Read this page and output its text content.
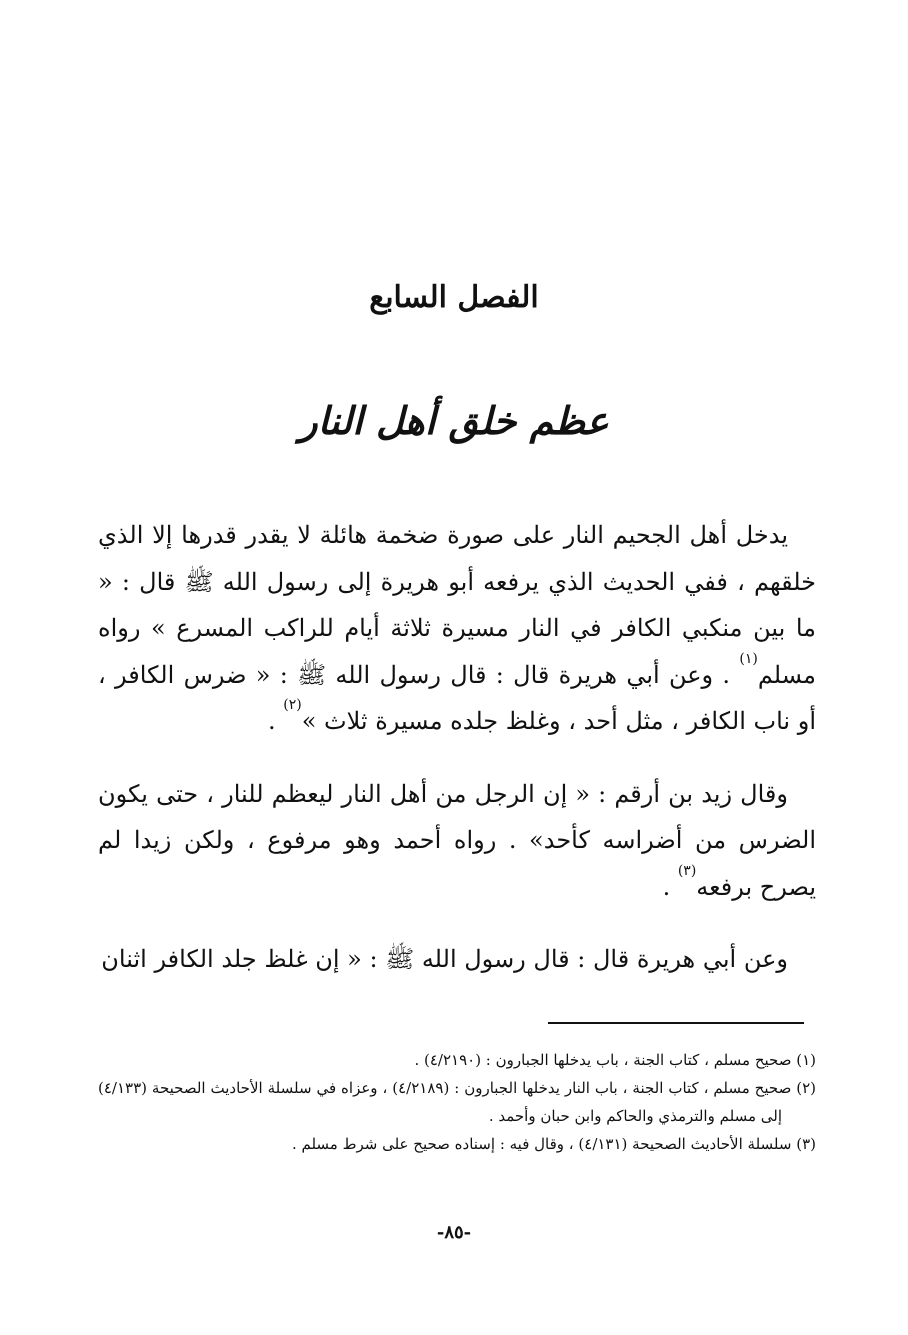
الفصل السابع
عظم خلق أهل النار

يدخل أهل الجحيم النار على صورة ضخمة هائلة لا يقدر قدرها إلا الذي خلقهم ، ففي الحديث الذي يرفعه أبو هريرة إلى رسول الله ﷺ قال : « ما بين منكبي الكافر في النار مسيرة ثلاثة أيام للراكب المسرع » رواه مسلم$^{(١)}$ . وعن أبي هريرة قال : قال رسول الله ﷺ : « ضرس الكافر ، أو ناب الكافر ، مثل أحد ، وغلظ جلده مسيرة ثلاث »$^{(٢)}$ .

وقال زيد بن أرقم : « إن الرجل من أهل النار ليعظم للنار ، حتى يكون الضرس من أضراسه كأحد» . رواه أحمد وهو مرفوع ، ولكن زيدا لم يصرح برفعه$^{(٣)}$ .

وعن أبي هريرة قال : قال رسول الله ﷺ : « إن غلظ جلد الكافر اثنان

(١) صحيح مسلم ، كتاب الجنة ، باب يدخلها الجبارون : (٤/٢١٩٠) .

(٢) صحيح مسلم ، كتاب الجنة ، باب النار يدخلها الجبارون : (٤/٢١٨٩) ، وعزاه في سلسلة الأحاديث الصحيحة (٤/١٣٣) إلى مسلم والترمذي والحاكم وابن حبان وأحمد .

(٣) سلسلة الأحاديث الصحيحة (٤/١٣١) ، وقال فيه : إسناده صحيح على شرط مسلم .

-٨٥-
